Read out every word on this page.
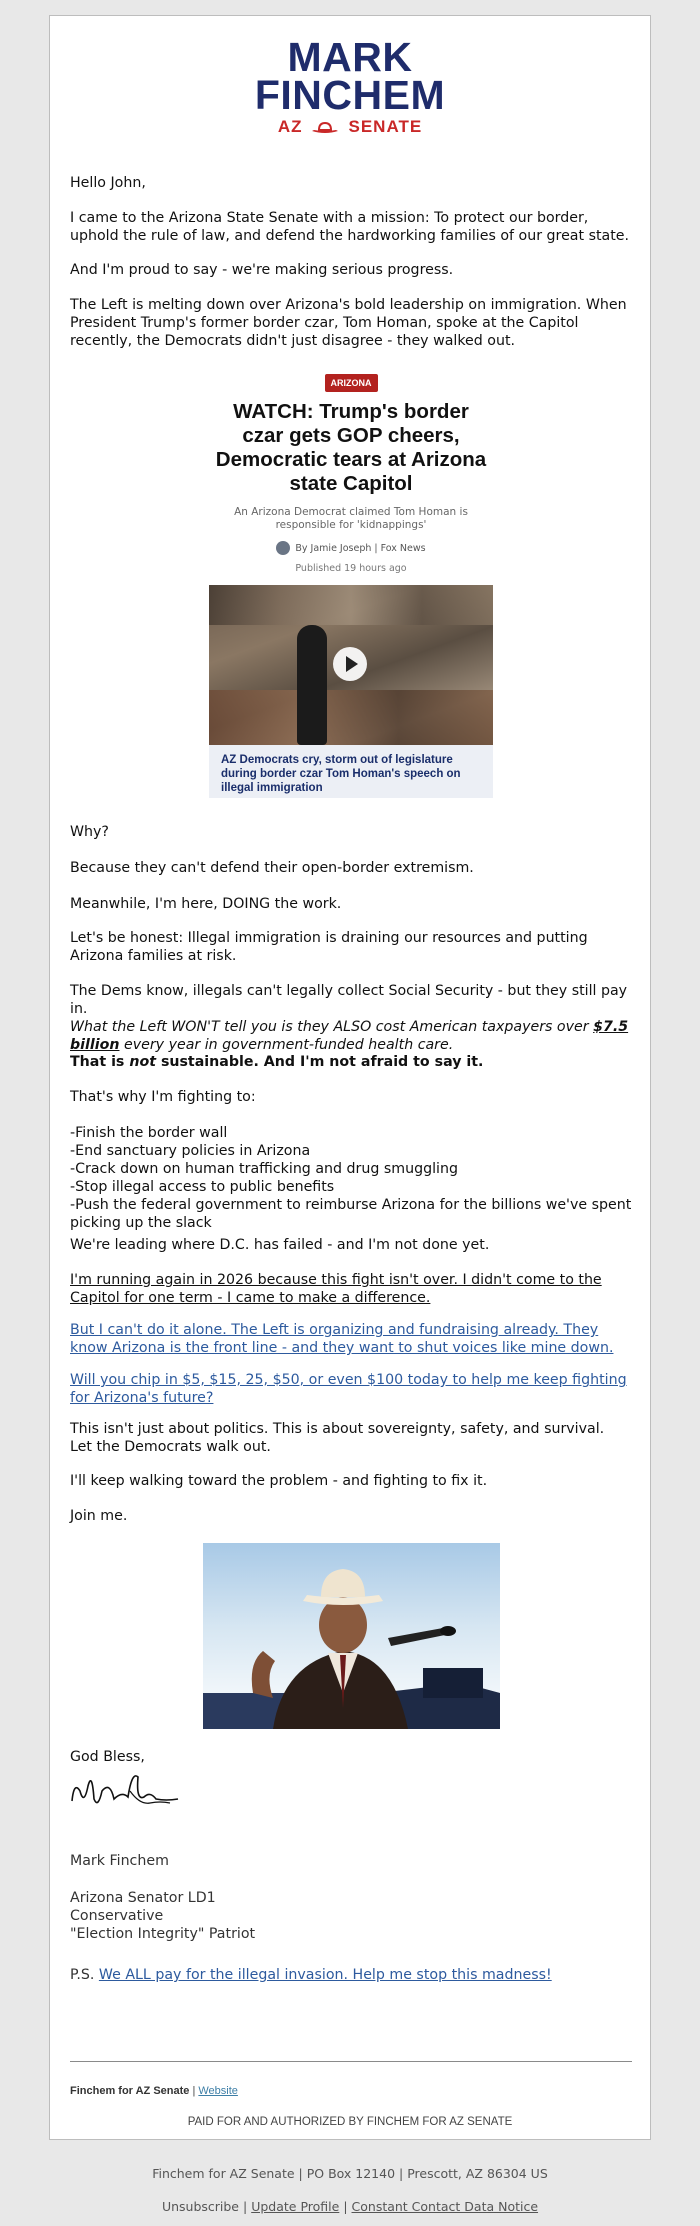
MARK
FINCHEM
AZ	SENATE

Hello John,

I came to the Arizona State Senate with a mission: To protect our border, uphold the rule of law, and defend the hardworking families of our great state.

And I'm proud to say - we're making serious progress.

The Left is melting down over Arizona's bold leadership on immigration. When President Trump's former border czar, Tom Homan, spoke at the Capitol recently, the Democrats didn't just disagree - they walked out.

ARIZONA
WATCH: Trump's border czar gets GOP cheers, Democratic tears at Arizona state Capitol
An Arizona Democrat claimed Tom Homan is responsible for 'kidnappings'
By Jamie Joseph | Fox News
Published 19 hours ago
AZ Democrats cry, storm out of legislature during border czar Tom Homan's speech on illegal immigration

Why?

Because they can't defend their open-border extremism.

Meanwhile, I'm here, DOING the work.

Let's be honest: Illegal immigration is draining our resources and putting Arizona families at risk.

The Dems know, illegals can't legally collect Social Security - but they still pay in.
What the Left WON'T tell you is they ALSO cost American taxpayers over $7.5 billion every year in government-funded health care.
That is not sustainable. And I'm not afraid to say it.

That's why I'm fighting to:

-Finish the border wall
-End sanctuary policies in Arizona
-Crack down on human trafficking and drug smuggling
-Stop illegal access to public benefits
-Push the federal government to reimburse Arizona for the billions we've spent picking up the slack

We're leading where D.C. has failed - and I'm not done yet.

I'm running again in 2026 because this fight isn't over. I didn't come to the Capitol for one term - I came to make a difference.

But I can't do it alone. The Left is organizing and fundraising already. They know Arizona is the front line - and they want to shut voices like mine down.

Will you chip in $5, $15, 25, $50, or even $100 today to help me keep fighting for Arizona's future?

This isn't just about politics. This is about sovereignty, safety, and survival.
Let the Democrats walk out.

I'll keep walking toward the problem - and fighting to fix it.

Join me.

God Bless,

Mark Finchem

Arizona Senator LD1
Conservative
"Election Integrity" Patriot
P.S. We ALL pay for the illegal invasion. Help me stop this madness!
Finchem for AZ Senate | Website
PAID FOR AND AUTHORIZED BY FINCHEM FOR AZ SENATE
Finchem for AZ Senate | PO Box 12140 | Prescott, AZ 86304 US
Unsubscribe | Update Profile | Constant Contact Data Notice
